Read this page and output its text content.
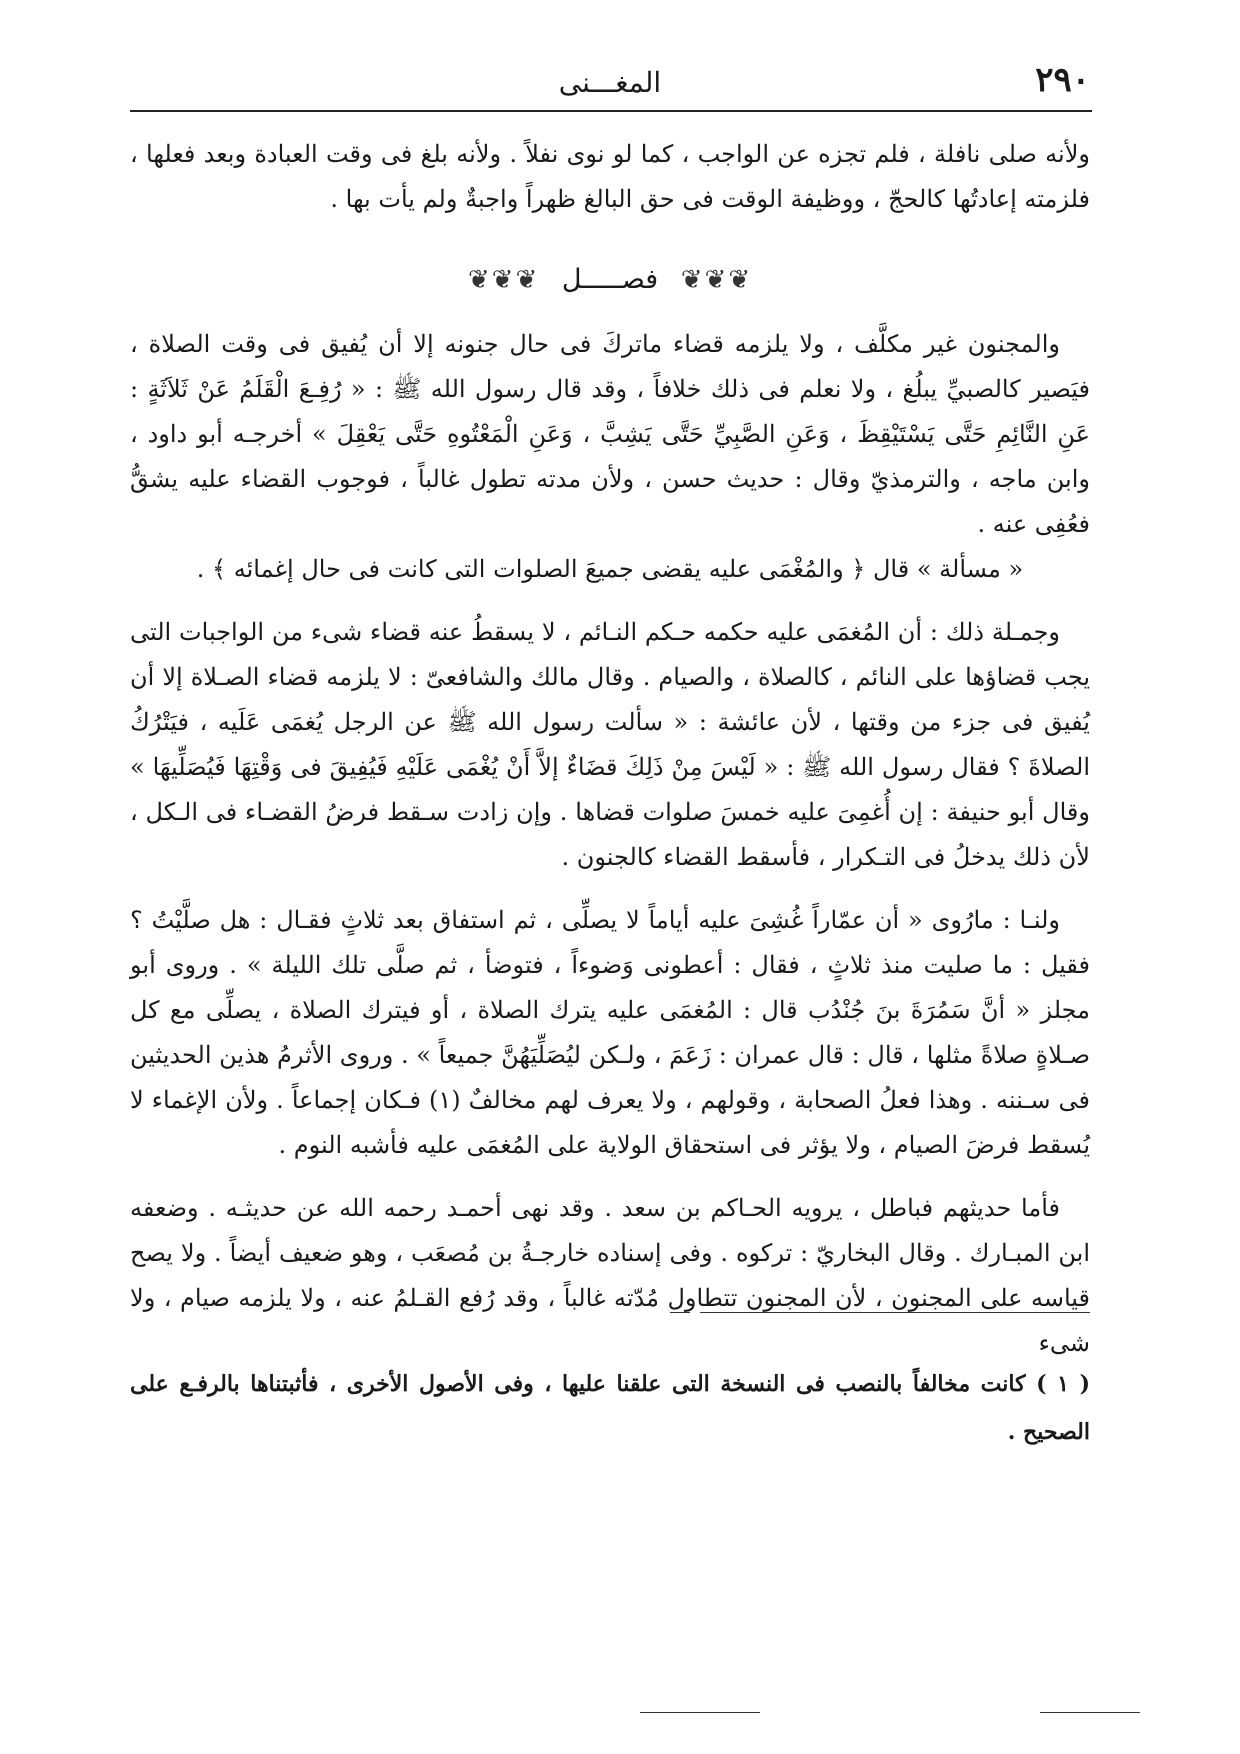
٢٩٠
المغـــنى

ولأنه صلى نافلة ، فلم تجزه عن الواجب ، كما لو نوى نفلاً . ولأنه بلغ فى وقت العبادة وبعد فعلها ، فلزمته إعادتُها كالحجّ ، ووظيفة الوقت فى حق البالغ ظهراً واجبةٌ ولم يأت بها .

❦❦❦ فصـــــل ❦❦❦

والمجنون غير مكلَّف ، ولا يلزمه قضاء ماتركَ فى حال جنونه إلا أن يُفيق فى وقت الصلاة ، فيَصير كالصبيِّ يبلُغ ، ولا نعلم فى ذلك خلافاً ، وقد قال رسول الله ﷺ : « رُفِـعَ الْقَلَمُ عَنْ ثَلاَثَةٍ : عَنِ النَّائِمِ حَتَّى يَسْتَيْقِظَ ، وَعَنِ الصَّبِيِّ حَتَّى يَشِبَّ ، وَعَنِ الْمَعْتُوهِ حَتَّى يَعْقِلَ » أخرجـه أبو داود ، وابن ماجه ، والترمذيّ وقال : حديث حسن ، ولأن مدته تطول غالباً ، فوجوب القضاء عليه يشقُّ فعُفِى عنه .

« مسألة » قال ﴿ والمُغْمَى عليه يقضى جميعَ الصلوات التى كانت فى حال إغمائه ﴾ .

وجمـلة ذلك : أن المُغمَى عليه حكمه حـكم النـائم ، لا يسقطُ عنه قضاء شىء من الواجبات التى يجب قضاؤها على النائم ، كالصلاة ، والصيام . وقال مالك والشافعىّ : لا يلزمه قضاء الصـلاة إلا أن يُفيق فى جزء من وقتها ، لأن عائشة : « سألت رسول الله ﷺ عن الرجل يُغمَى عَلَيه ، فيَتْرُكُ الصلاةَ ؟ فقال رسول الله ﷺ : « لَيْسَ مِنْ ذَلِكَ قضَاءٌ إلاَّ أَنْ يُغْمَى عَلَيْهِ فَيُفِيقَ فى وَقْتِهَا فَيُصَلِّيهَا » وقال أبو حنيفة : إن أُغمِىَ عليه خمسَ صلوات قضاها . وإن زادت سـقط فرضُ القضـاء فى الـكل ، لأن ذلك يدخلُ فى التـكرار ، فأسقط القضاء كالجنون .

ولنـا : مارُوى « أن عمّاراً غُشِىَ عليه أياماً لا يصلِّى ، ثم استفاق بعد ثلاثٍ فقـال : هل صلَّيْتُ ؟ فقيل : ما صليت منذ ثلاثٍ ، فقال : أعطونى وَضوءاً ، فتوضأ ، ثم صلَّى تلك الليلة » . وروى أبو مجلز « أنَّ سَمُرَةَ بنَ جُنْدُب قال : المُغمَى عليه يترك الصلاة ، أو فيترك الصلاة ، يصلِّى مع كل صـلاةٍ صلاةً مثلها ، قال : قال عمران : زَعَمَ ، ولـكن ليُصَلِّيَهُنَّ جميعاً » . وروى الأثرمُ هذين الحديثين فى سـننه . وهذا فعلُ الصحابة ، وقولهم ، ولا يعرف لهم مخالفٌ (١) فـكان إجماعاً . ولأن الإغماء لا يُسقط فرضَ الصيام ، ولا يؤثر فى استحقاق الولاية على المُغمَى عليه فأشبه النوم .

فأما حديثهم فباطل ، يرويه الحـاكم بن سعد . وقد نهى أحمـد رحمه الله عن حديثـه . وضعفه ابن المبـارك . وقال البخاريّ : تركوه . وفى إسناده خارجـةُ بن مُصعَب ، وهو ضعيف أيضاً . ولا يصح قياسه على المجنون ، لأن المجنون تتطاول مُدّته غالباً ، وقد رُفع القـلمُ عنه ، ولا يلزمه صيام ، ولا شىء

( ١ ) كانت مخالفاً بالنصب فى النسخة التى علقنا عليها ، وفى الأصول الأخرى ، فأثبتناها بالرفـع على الصحيح .
